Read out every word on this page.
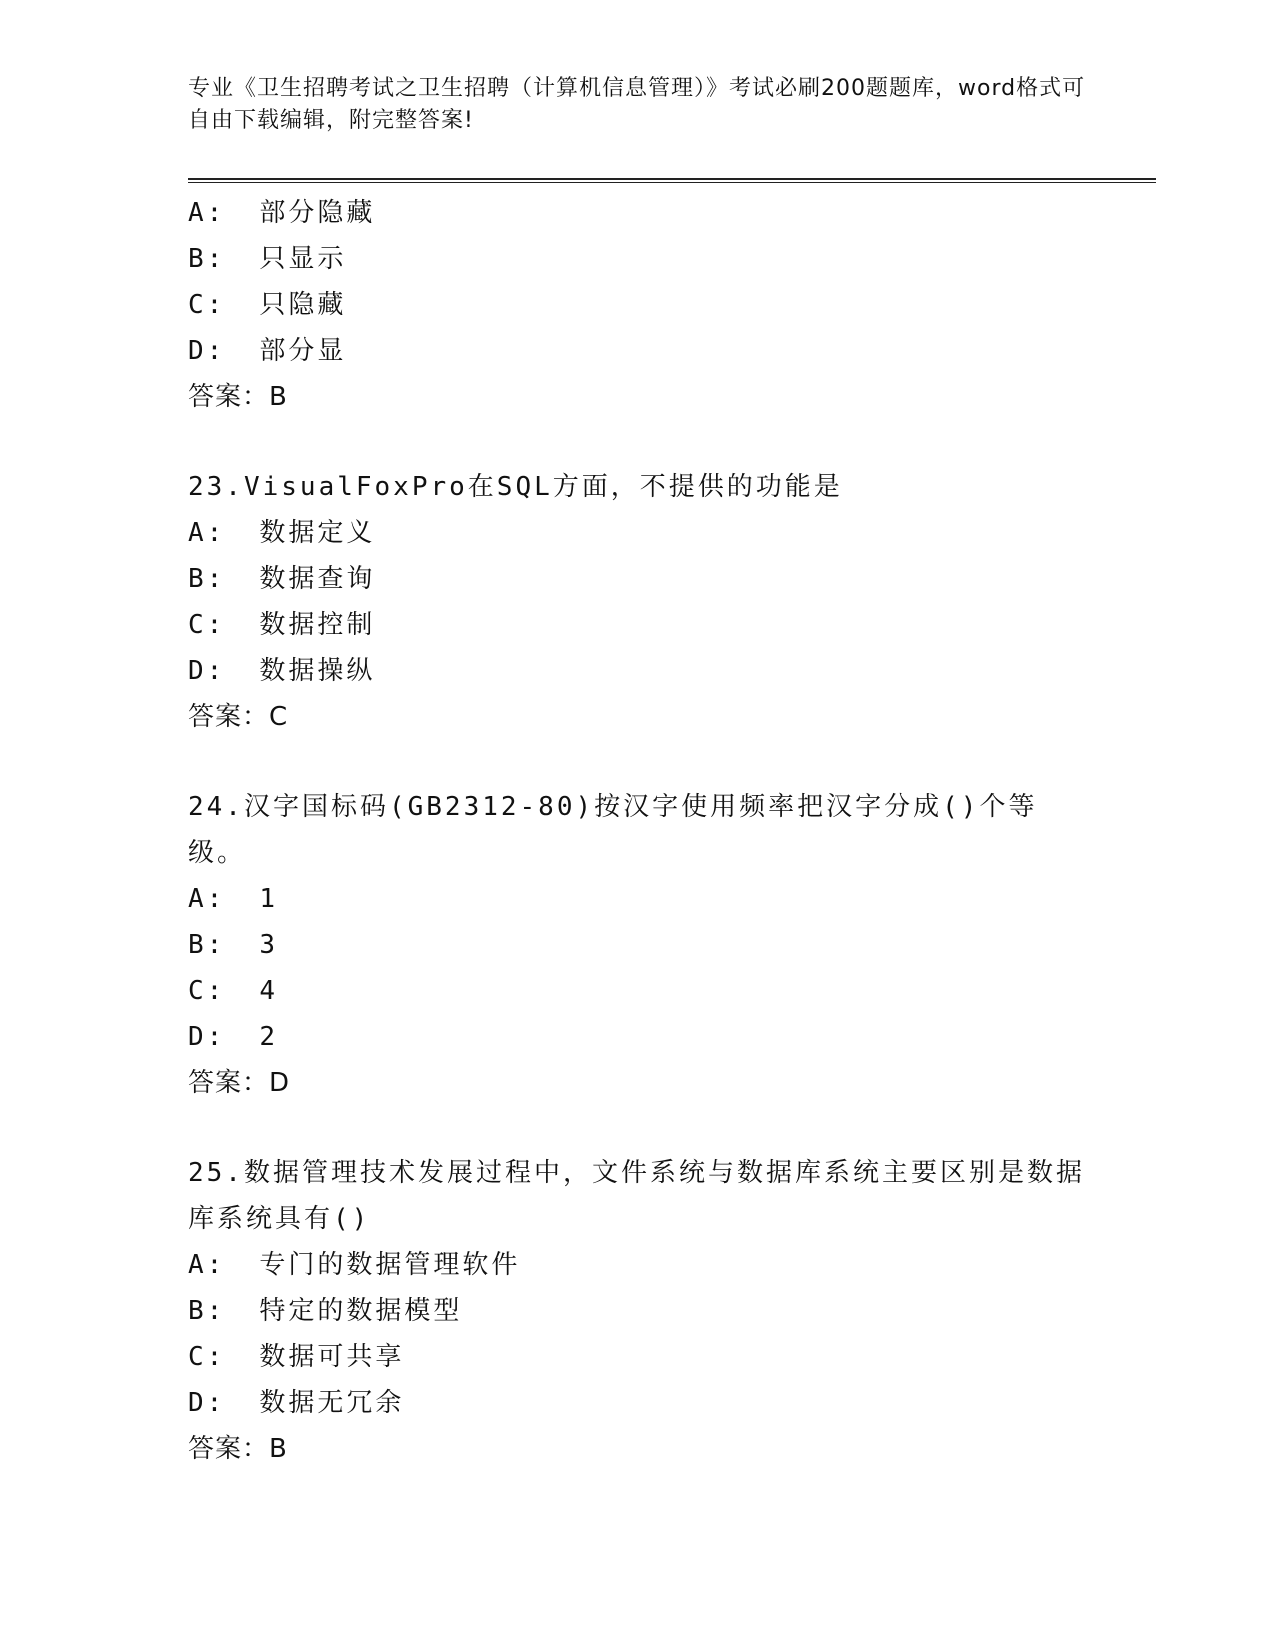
专业《卫生招聘考试之卫生招聘（计算机信息管理）》考试必刷200题题库，word格式可自由下载编辑，附完整答案!
A: 部分隐藏
B: 只显示
C: 只隐藏
D: 部分显
答案：B
23.VisualFoxPro在SQL方面，不提供的功能是
A: 数据定义
B: 数据查询
C: 数据控制
D: 数据操纵
答案：C
24.汉字国标码(GB2312-80)按汉字使用频率把汉字分成()个等级。
A: 1
B: 3
C: 4
D: 2
答案：D
25.数据管理技术发展过程中，文件系统与数据库系统主要区别是数据库系统具有()
A: 专门的数据管理软件
B: 特定的数据模型
C: 数据可共享
D: 数据无冗余
答案：B
